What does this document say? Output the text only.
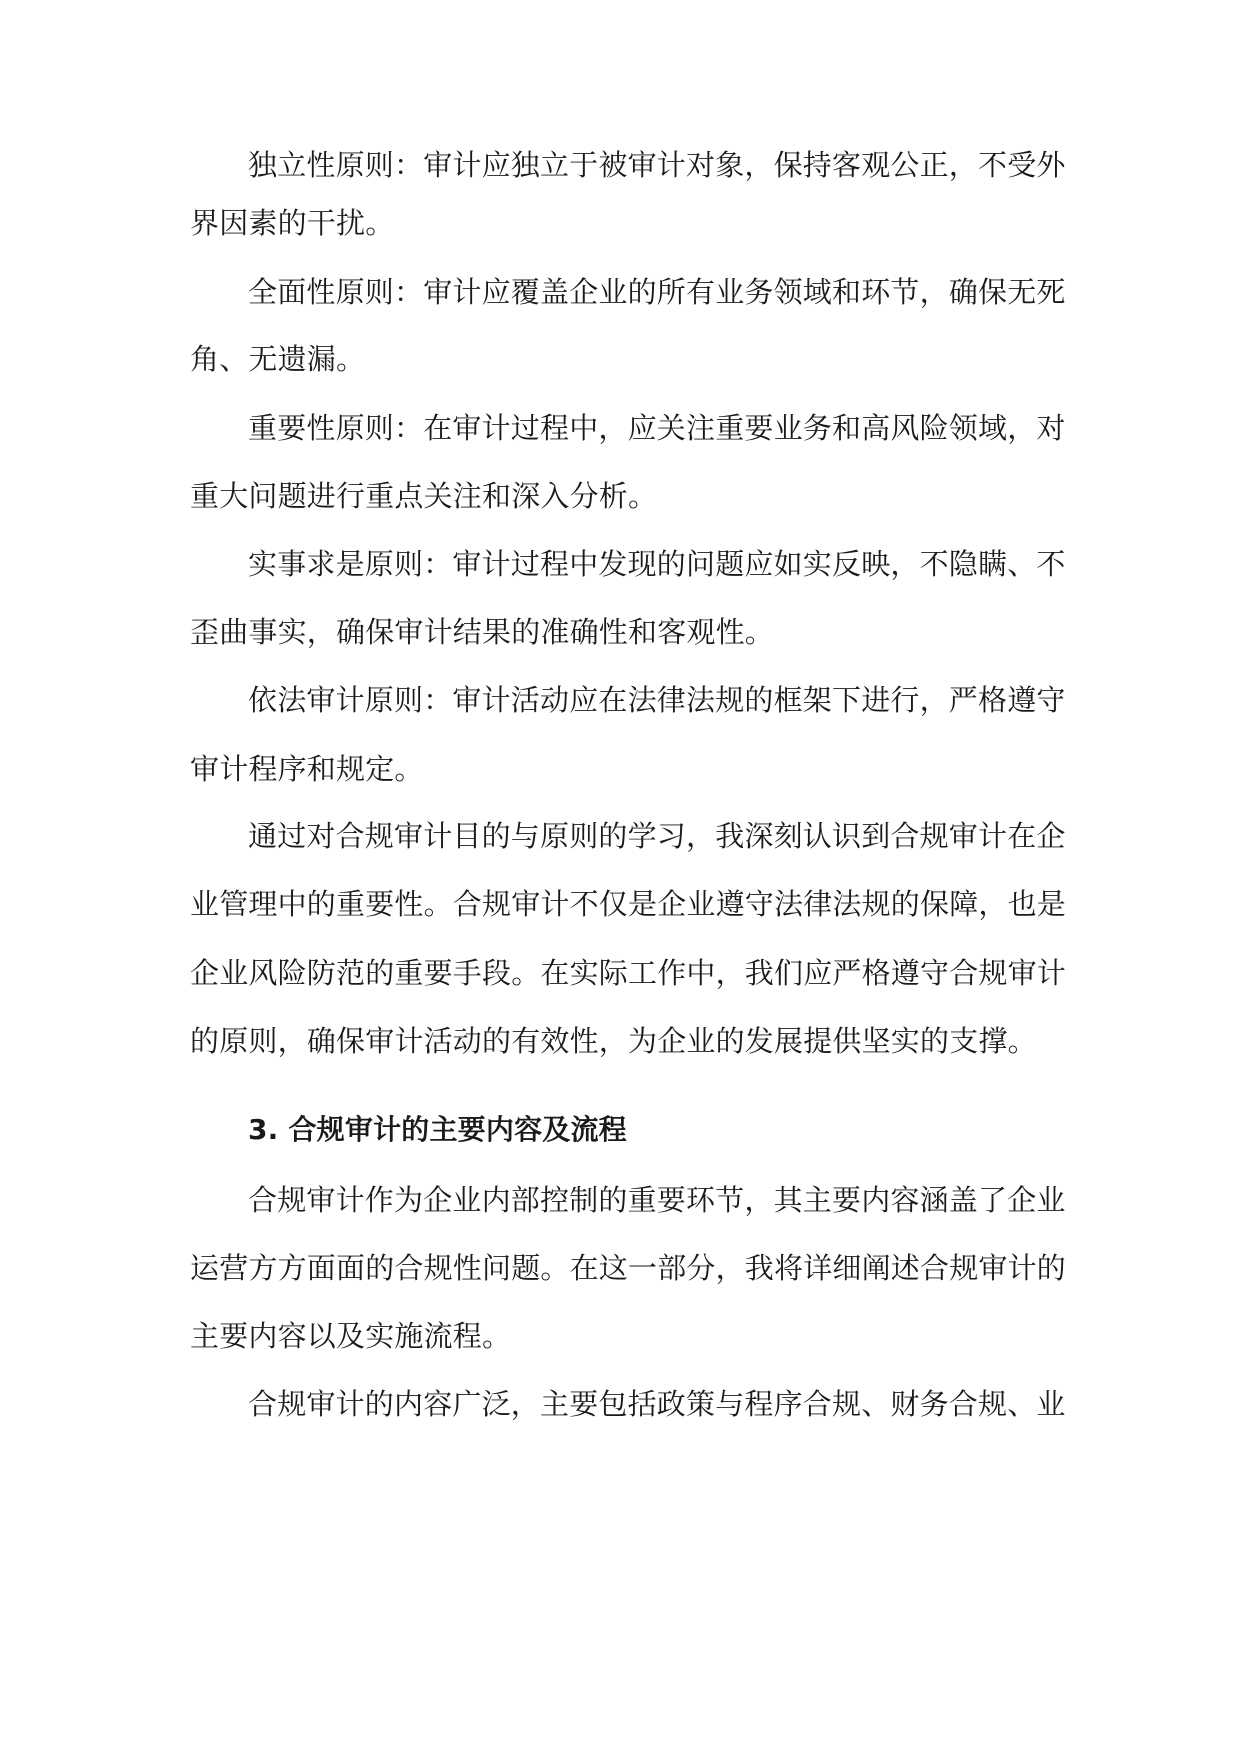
独立性原则：审计应独立于被审计对象，保持客观公正，不受外
界因素的干扰。
全面性原则：审计应覆盖企业的所有业务领域和环节，确保无死
角、无遗漏。
重要性原则：在审计过程中，应关注重要业务和高风险领域，对
重大问题进行重点关注和深入分析。
实事求是原则：审计过程中发现的问题应如实反映，不隐瞒、不
歪曲事实，确保审计结果的准确性和客观性。
依法审计原则：审计活动应在法律法规的框架下进行，严格遵守
审计程序和规定。
通过对合规审计目的与原则的学习，我深刻认识到合规审计在企
业管理中的重要性。合规审计不仅是企业遵守法律法规的保障，也是
企业风险防范的重要手段。在实际工作中，我们应严格遵守合规审计
的原则，确保审计活动的有效性，为企业的发展提供坚实的支撑。
3. 合规审计的主要内容及流程
合规审计作为企业内部控制的重要环节，其主要内容涵盖了企业
运营方方面面的合规性问题。在这一部分，我将详细阐述合规审计的
主要内容以及实施流程。
合规审计的内容广泛，主要包括政策与程序合规、财务合规、业
